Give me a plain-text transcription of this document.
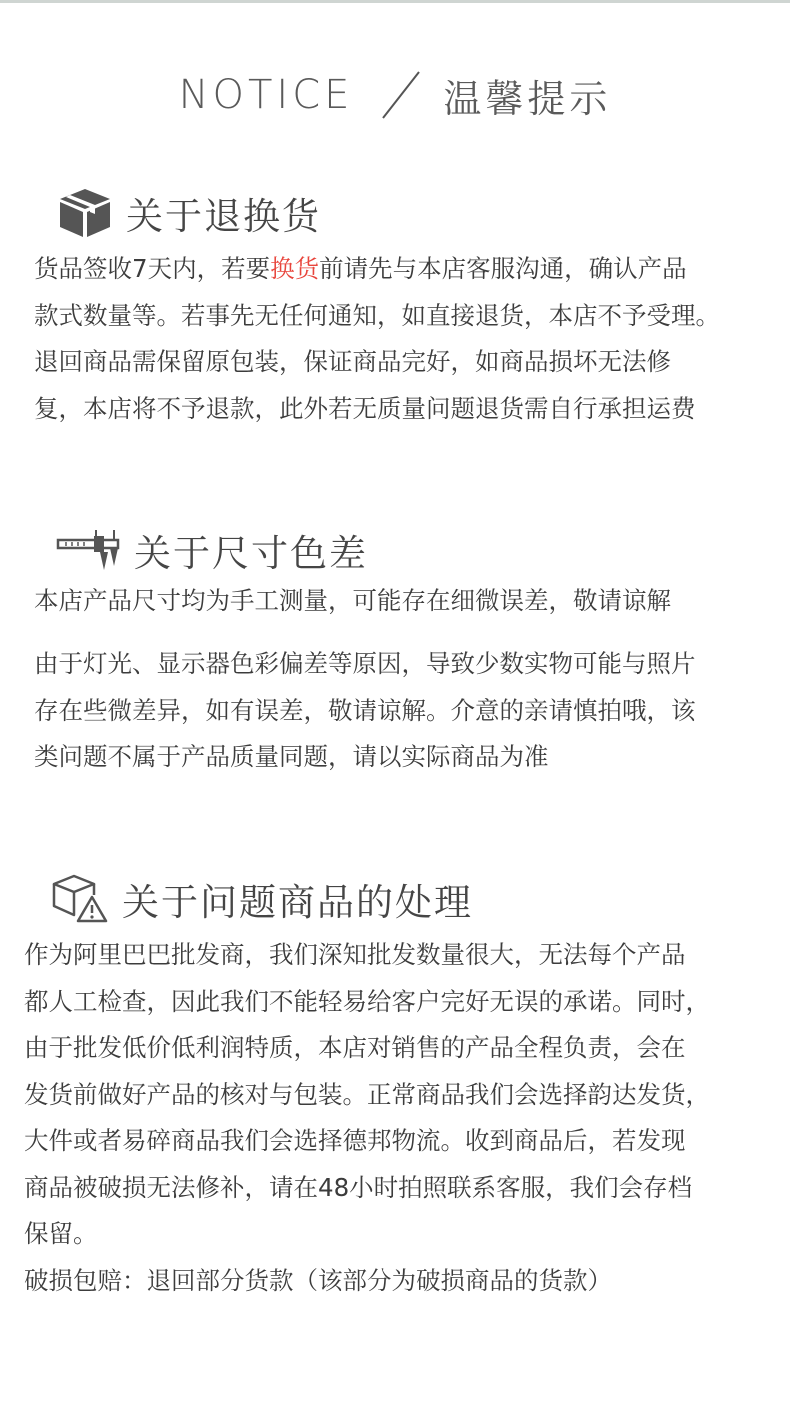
NOTICE 温馨提示
关于退换货
货品签收7天内，若要换货前请先与本店客服沟通，确认产品
款式数量等。若事先无任何通知，如直接退货，本店不予受理。
退回商品需保留原包装，保证商品完好，如商品损坏无法修
复，本店将不予退款，此外若无质量问题退货需自行承担运费
关于尺寸色差
本店产品尺寸均为手工测量，可能存在细微误差，敬请谅解
由于灯光、显示器色彩偏差等原因，导致少数实物可能与照片
存在些微差异，如有误差，敬请谅解。介意的亲请慎拍哦，该
类问题不属于产品质量同题，请以实际商品为准
关于问题商品的处理
作为阿里巴巴批发商，我们深知批发数量很大，无法每个产品
都人工检查，因此我们不能轻易给客户完好无误的承诺。同时，
由于批发低价低利润特质，本店对销售的产品全程负责，会在
发货前做好产品的核对与包装。正常商品我们会选择韵达发货，
大件或者易碎商品我们会选择德邦物流。收到商品后，若发现
商品被破损无法修补，请在48小时拍照联系客服，我们会存档
保留。
破损包赔：退回部分货款（该部分为破损商品的货款）
